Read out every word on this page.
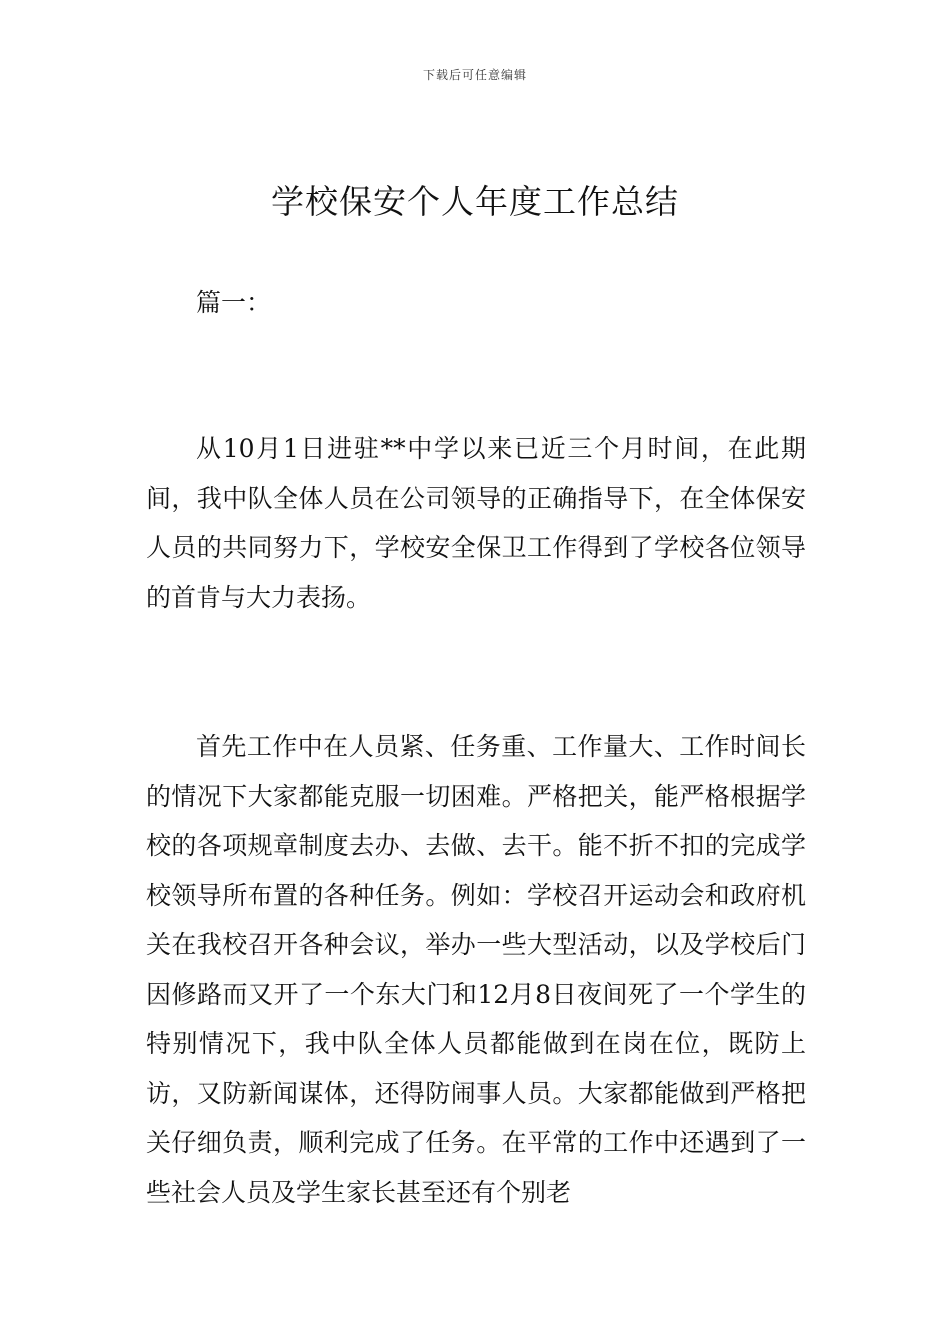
下载后可任意编辑
学校保安个人年度工作总结

篇一：

从10月1日进驻**中学以来已近三个月时间，在此期间，我中队全体人员在公司领导的正确指导下，在全体保安人员的共同努力下，学校安全保卫工作得到了学校各位领导的首肯与大力表扬。

首先工作中在人员紧、任务重、工作量大、工作时间长的情况下大家都能克服一切困难。严格把关，能严格根据学校的各项规章制度去办、去做、去干。能不折不扣的完成学校领导所布置的各种任务。例如：学校召开运动会和政府机关在我校召开各种会议，举办一些大型活动，以及学校后门因修路而又开了一个东大门和12月8日夜间死了一个学生的特别情况下，我中队全体人员都能做到在岗在位，既防上访，又防新闻谋体，还得防闹事人员。大家都能做到严格把关仔细负责，顺利完成了任务。在平常的工作中还遇到了一些社会人员及学生家长甚至还有个别老
